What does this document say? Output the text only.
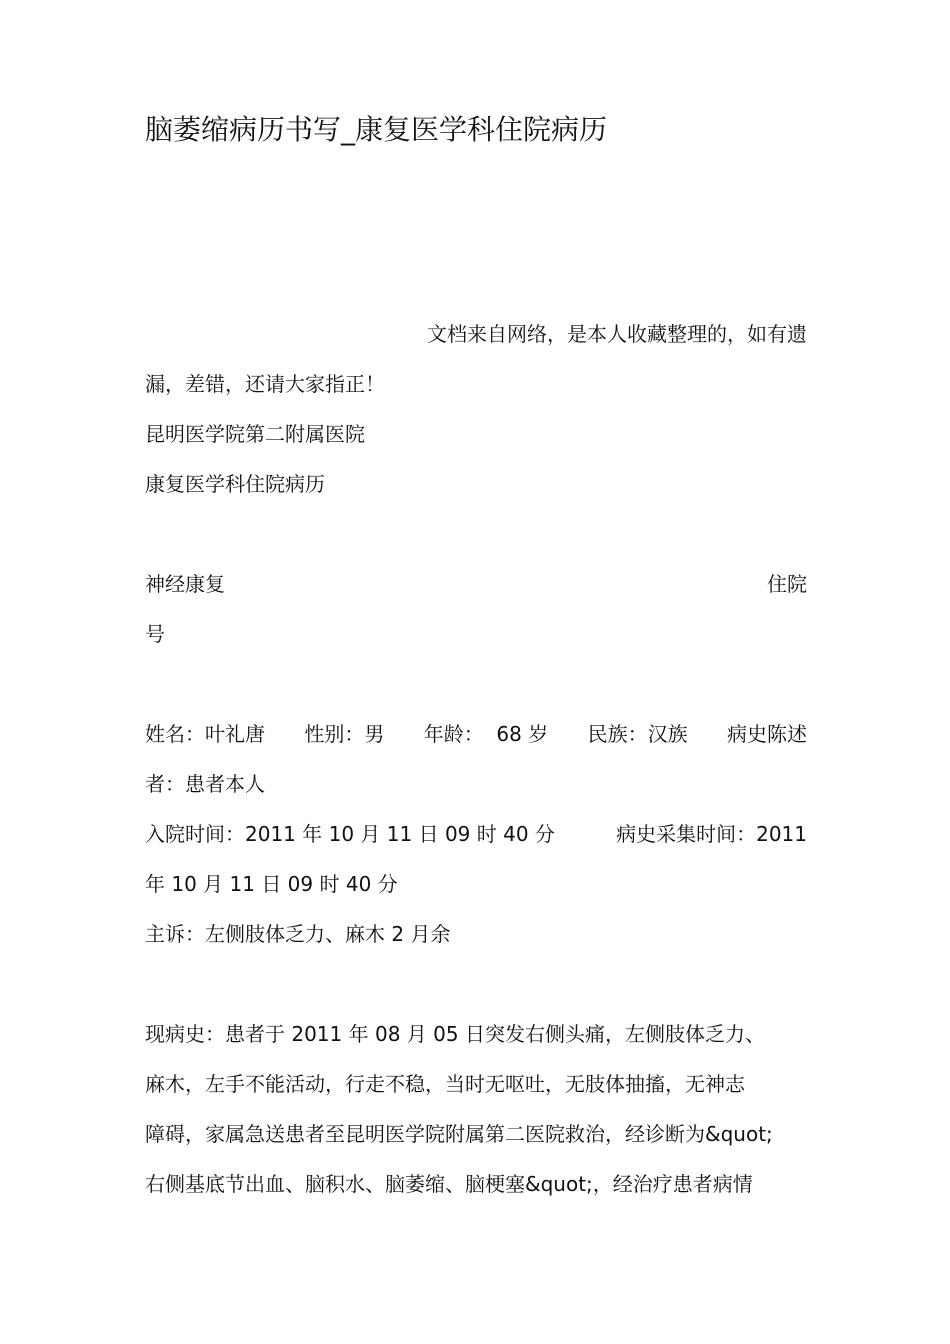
脑萎缩病历书写_康复医学科住院病历
文档来自网络，是本人收藏整理的，如有遗
漏，差错，还请大家指正！
昆明医学院第二附属医院
康复医学科住院病历
神经康复	住院
号
姓名：叶礼唐 性别：男 年龄：  68 岁 民族：汉族 病史陈述
者：患者本人
入院时间：2011 年 10 月 11 日 09 时 40 分	病史采集时间：2011
年 10 月 11 日 09 时 40 分
主诉：左侧肢体乏力、麻木 2 月余
现病史：患者于 2011 年 08 月 05 日突发右侧头痛，左侧肢体乏力、
麻木，左手不能活动，行走不稳，当时无呕吐，无肢体抽搐，无神志
障碍，家属急送患者至昆明医学院附属第二医院救治，经诊断为&quot;
右侧基底节出血、脑积水、脑萎缩、脑梗塞&quot;，经治疗患者病情
